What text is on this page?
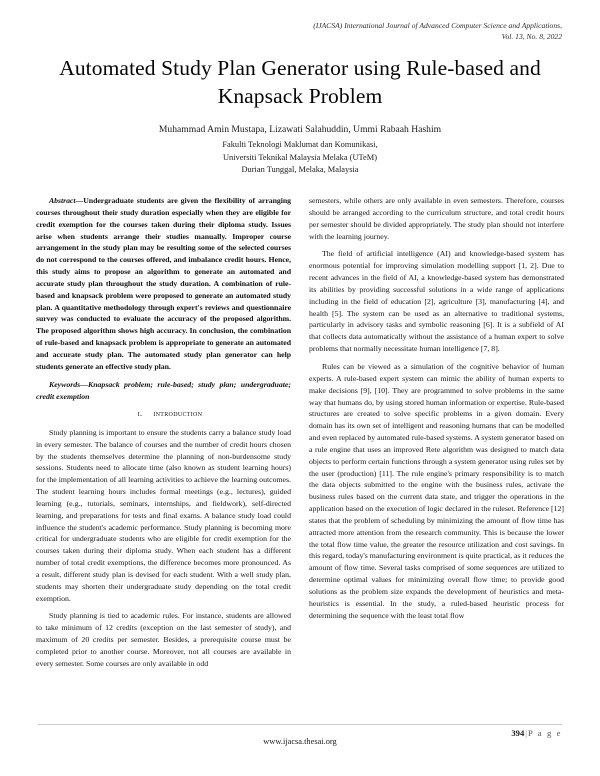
(IJACSA) International Journal of Advanced Computer Science and Applications,
Vol. 13, No. 8, 2022
Automated Study Plan Generator using Rule-based and Knapsack Problem
Muhammad Amin Mustapa, Lizawati Salahuddin, Ummi Rabaah Hashim
Fakulti Teknologi Maklumat dan Komunikasi,
Universiti Teknikal Malaysia Melaka (UTeM)
Durian Tunggal, Melaka, Malaysia

Abstract—Undergraduate students are given the flexibility of arranging courses throughout their study duration especially when they are eligible for credit exemption for the courses taken during their diploma study. Issues arise when students arrange their studies manually. Improper course arrangement in the study plan may be resulting some of the selected courses do not correspond to the courses offered, and imbalance credit hours. Hence, this study aims to propose an algorithm to generate an automated and accurate study plan throughout the study duration. A combination of rule-based and knapsack problem were proposed to generate an automated study plan. A quantitative methodology through expert's reviews and questionnaire survey was conducted to evaluate the accuracy of the proposed algorithm. The proposed algorithm shows high accuracy. In conclusion, the combination of rule-based and knapsack problem is appropriate to generate an automated and accurate study plan. The automated study plan generator can help students generate an effective study plan.

Keywords—Knapsack problem; rule-based; study plan; undergraduate; credit exemption

i. introduction

Study planning is important to ensure the students carry a balance study load in every semester. The balance of courses and the number of credit hours chosen by the students themselves determine the planning of non-burdensome study sessions. Students need to allocate time (also known as student learning hours) for the implementation of all learning activities to achieve the learning outcomes. The student learning hours includes formal meetings (e.g., lectures), guided learning (e.g., tutorials, seminars, internships, and fieldwork), self-directed learning, and preparations for tests and final exams. A balance study load could influence the student's academic performance. Study planning is becoming more critical for undergraduate students who are eligible for credit exemption for the courses taken during their diploma study. When each student has a different number of total credit exemptions, the difference becomes more pronounced. As a result, different study plan is devised for each student. With a well study plan, students may shorten their undergraduate study depending on the total credit exemption.

Study planning is tied to academic rules. For instance, students are allowed to take minimum of 12 credits (exception on the last semester of study), and maximum of 20 credits per semester. Besides, a prerequisite course must be completed prior to another course. Moreover, not all courses are available in every semester. Some courses are only available in odd

semesters, while others are only available in even semesters. Therefore, courses should be arranged according to the curriculum structure, and total credit hours per semester should be divided appropriately. The study plan should not interfere with the learning journey.

The field of artificial intelligence (AI) and knowledge-based system has enormous potential for improving simulation modelling support [1, 2]. Due to recent advances in the field of AI, a knowledge-based system has demonstrated its abilities by providing successful solutions in a wide range of applications including in the field of education [2], agriculture [3], manufacturing [4], and health [5]. The system can be used as an alternative to traditional systems, particularly in advisory tasks and symbolic reasoning [6]. It is a subfield of AI that collects data automatically without the assistance of a human expert to solve problems that normally necessitate human intelligence [7, 8].

Rules can be viewed as a simulation of the cognitive behavior of human experts. A rule-based expert system can mimic the ability of human experts to make decisions [9], [10]. They are programmed to solve problems in the same way that humans do, by using stored human information or expertise. Rule-based structures are created to solve specific problems in a given domain. Every domain has its own set of intelligent and reasoning humans that can be modelled and even replaced by automated rule-based systems. A system generator based on a rule engine that uses an improved Rete algorithm was designed to match data objects to perform certain functions through a system generator using rules set by the user (production) [11]. The rule engine's primary responsibility is to match the data objects submitted to the engine with the business rules, activate the business rules based on the current data state, and trigger the operations in the application based on the execution of logic declared in the ruleset. Reference [12] states that the problem of scheduling by minimizing the amount of flow time has attracted more attention from the research community. This is because the lower the total flow time value, the greater the resource utilization and cost savings. In this regard, today's manufacturing environment is quite practical, as it reduces the amount of flow time. Several tasks comprised of some sequences are utilized to determine optimal values for minimizing overall flow time; to provide good solutions as the problem size expands the development of heuristics and meta-heuristics is essential. In the study, a ruled-based heuristic process for determining the sequence with the least total flow

www.ijacsa.thesai.org
394|P a g e
